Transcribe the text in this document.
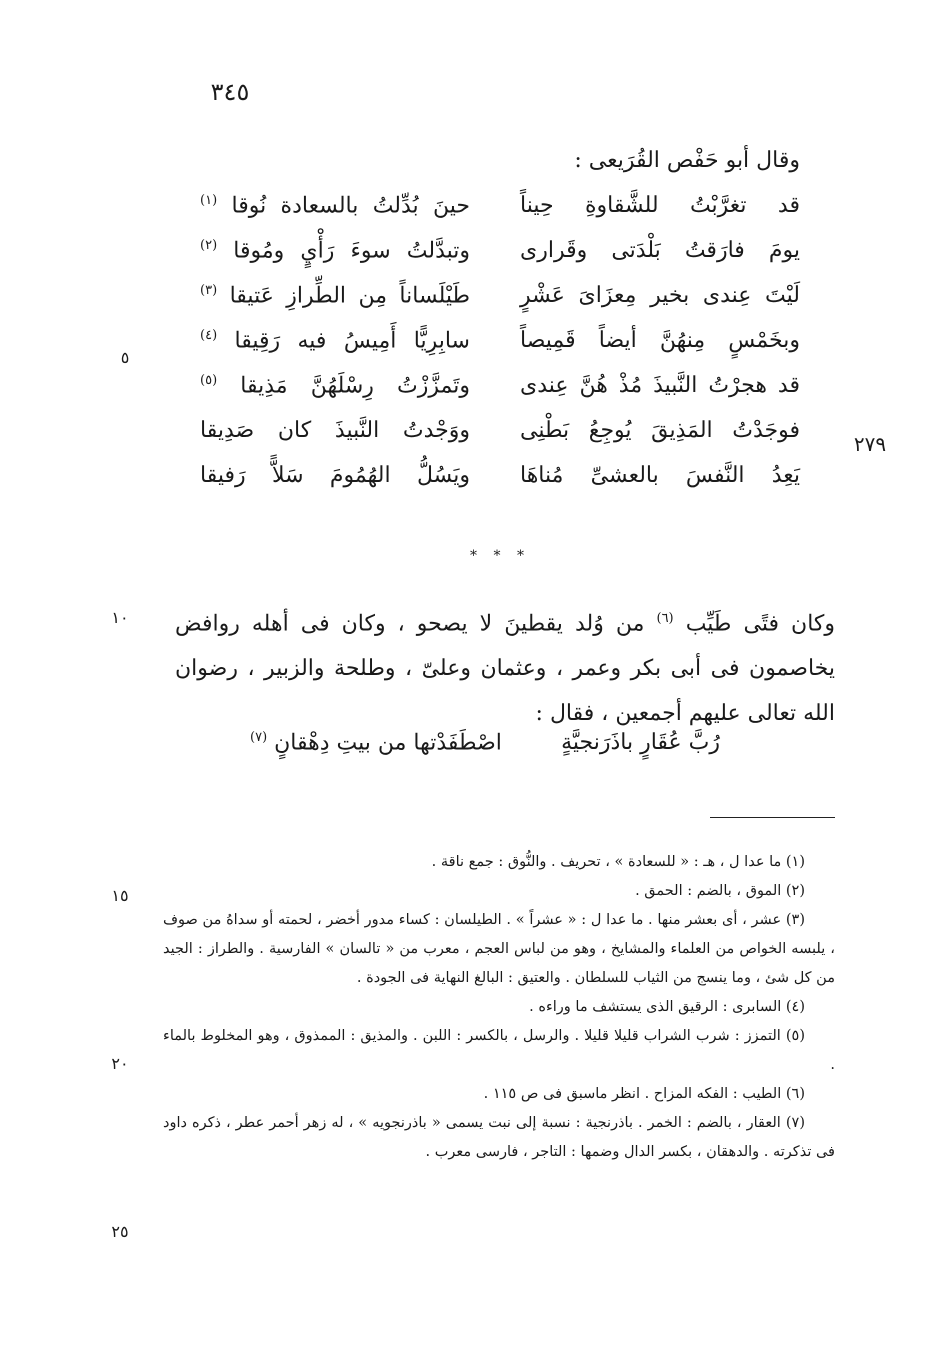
٣٤٥
وقال أبو حَفْص القُرَيعى :
قد تغرَّبْتُ للشَّقاوةِ حِيناً
حينَ بُدِّلتُ بالسعادة نُوقا $^{(١)}$
يومَ فارَقتُ بَلْدَتى وقَرارى
وتبدَّلتُ سوءَ رَأْيٍ ومُوقا $^{(٢)}$
لَيْتَ عِندى بخير مِعزَاىَ عَشْرٍ
طَيْلَساناً مِن الطِّرازِ عَتيقا $^{(٣)}$
وبخَمْسٍ مِنهُنَّ أيضاً قَمِيصاً
سابِرِيًّا أَمِيسُ فيه رَقِيقا $^{(٤)}$
قد هجرْتُ النَّبيذَ مُذْ هُنَّ عِندى
وتَمزَّزْتُ رِسْلَهُنَّ مَذِيقا $^{(٥)}$
فوجَدْتُ المَذِيقَ يُوجِعُ بَطْنِى
ووَجْدتُ النَّبيذَ كان صَدِيقا
يَعِدُ النَّفسَ بالعشىِّ مُناهَا
ويَسُلُّ الهُمُومَ سَلاًّ رَفيقا
٥
١٠
١٥
٢٠
٢٥
٢٧٩
* * *
وكان فتًى طَيِّب $^{(٦)}$ من وُلد يقطينَ لا يصحو ، وكان فى أهله روافض يخاصمون فى أبى بكر وعمر ، وعثمان وعلىّ ، وطلحة والزبير ، رضوان الله تعالى عليهم أجمعين ، فقال :
رُبَّ عُقَارٍ باذَرَنجيَّةٍ
اصْطَفَدْتها من بيتِ دِهْقانٍ $^{(٧)}$

(١) ما عدا ل ، هـ : « للسعادة » ، تحريف . والنُّوق : جمع ناقة .

(٢) الموق ، بالضم : الحمق .

(٣) عشر ، أى بعشر منها . ما عدا ل : « عشراً » . الطيلسان : كساء مدور أخضر ، لحمته أو سداهُ من صوف ، يلبسه الخواص من العلماء والمشايخ ، وهو من لباس العجم ، معرب من « تالسان » الفارسية . والطراز : الجيد من كل شئ ، وما ينسج من الثياب للسلطان . والعتيق : البالغ النهاية فى الجودة .

(٤) السابرى : الرقيق الذى يستشف ما وراءه .

(٥) التمزز : شرب الشراب قليلا قليلا . والرسل ، بالكسر : اللبن . والمذيق : الممذوق ، وهو المخلوط بالماء .

(٦) الطيب : الفكه المزاح . انظر ماسبق فى ص ١١٥ .

(٧) العقار ، بالضم : الخمر . باذرنجية : نسبة إلى نبت يسمى « باذرنجويه » ، له زهر أحمر عطر ، ذكره داود فى تذكرته . والدهقان ، بكسر الدال وضمها : التاجر ، فارسى معرب .
